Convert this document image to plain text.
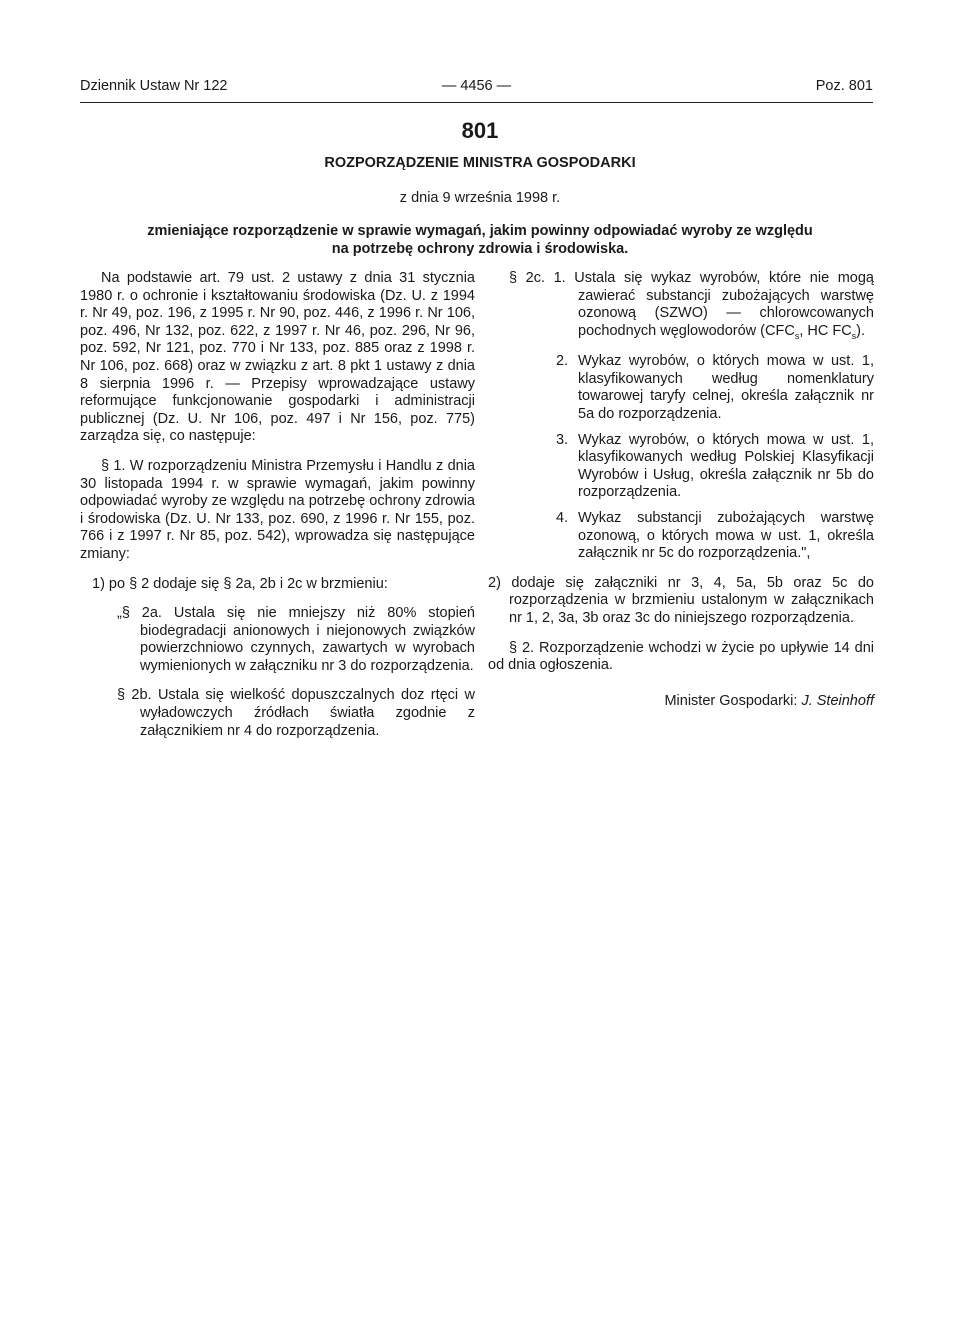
Dziennik Ustaw Nr 122	— 4456 —	Poz. 801
801
ROZPORZĄDZENIE MINISTRA GOSPODARKI
z dnia 9 września 1998 r.
zmieniające rozporządzenie w sprawie wymagań, jakim powinny odpowiadać wyroby ze względu
na potrzebę ochrony zdrowia i środowiska.

Na podstawie art. 79 ust. 2 ustawy z dnia 31 stycznia 1980 r. o ochronie i kształtowaniu środowiska (Dz. U. z 1994 r. Nr 49, poz. 196, z 1995 r. Nr 90, poz. 446, z 1996 r. Nr 106, poz. 496, Nr 132, poz. 622, z 1997 r. Nr 46, poz. 296, Nr 96, poz. 592, Nr 121, poz. 770 i Nr 133, poz. 885 oraz z 1998 r. Nr 106, poz. 668) oraz w związku z art. 8 pkt 1 ustawy z dnia 8 sierpnia 1996 r. — Przepisy wprowadzające ustawy reformujące funkcjonowanie gospodarki i administracji publicznej (Dz. U. Nr 106, poz. 497 i Nr 156, poz. 775) zarządza się, co następuje:

§ 1. W rozporządzeniu Ministra Przemysłu i Handlu z dnia 30 listopada 1994 r. w sprawie wymagań, jakim powinny odpowiadać wyroby ze względu na potrzebę ochrony zdrowia i środowiska (Dz. U. Nr 133, poz. 690, z 1996 r. Nr 155, poz. 766 i z 1997 r. Nr 85, poz. 542), wprowadza się następujące zmiany:

1) po § 2 dodaje się § 2a, 2b i 2c w brzmieniu:

„§ 2a. Ustala się nie mniejszy niż 80% stopień biodegradacji anionowych i niejonowych związków powierzchniowo czynnych, zawartych w wyrobach wymienionych w załączniku nr 3 do rozporządzenia.

§ 2b. Ustala się wielkość dopuszczalnych doz rtęci w wyładowczych źródłach światła zgodnie z załącznikiem nr 4 do rozporządzenia.

§ 2c. 1. Ustala się wykaz wyrobów, które nie mogą zawierać substancji zubożających warstwę ozonową (SZWO) — chlorowcowanych pochodnych węglowodorów ($CFC_s$, HC $FC_s$).

2. Wykaz wyrobów, o których mowa w ust. 1, klasyfikowanych według nomenklatury towarowej taryfy celnej, określa załącznik nr 5a do rozporządzenia.
3. Wykaz wyrobów, o których mowa w ust. 1, klasyfikowanych według Polskiej Klasyfikacji Wyrobów i Usług, określa załącznik nr 5b do rozporządzenia.
4. Wykaz substancji zubożających warstwę ozonową, o których mowa w ust. 1, określa załącznik nr 5c do rozporządzenia.",

2) dodaje się załączniki nr 3, 4, 5a, 5b oraz 5c do rozporządzenia w brzmieniu ustalonym w załącznikach nr 1, 2, 3a, 3b oraz 3c do niniejszego rozporządzenia.

§ 2. Rozporządzenie wchodzi w życie po upływie 14 dni od dnia ogłoszenia.

Minister Gospodarki: J. Steinhoff
